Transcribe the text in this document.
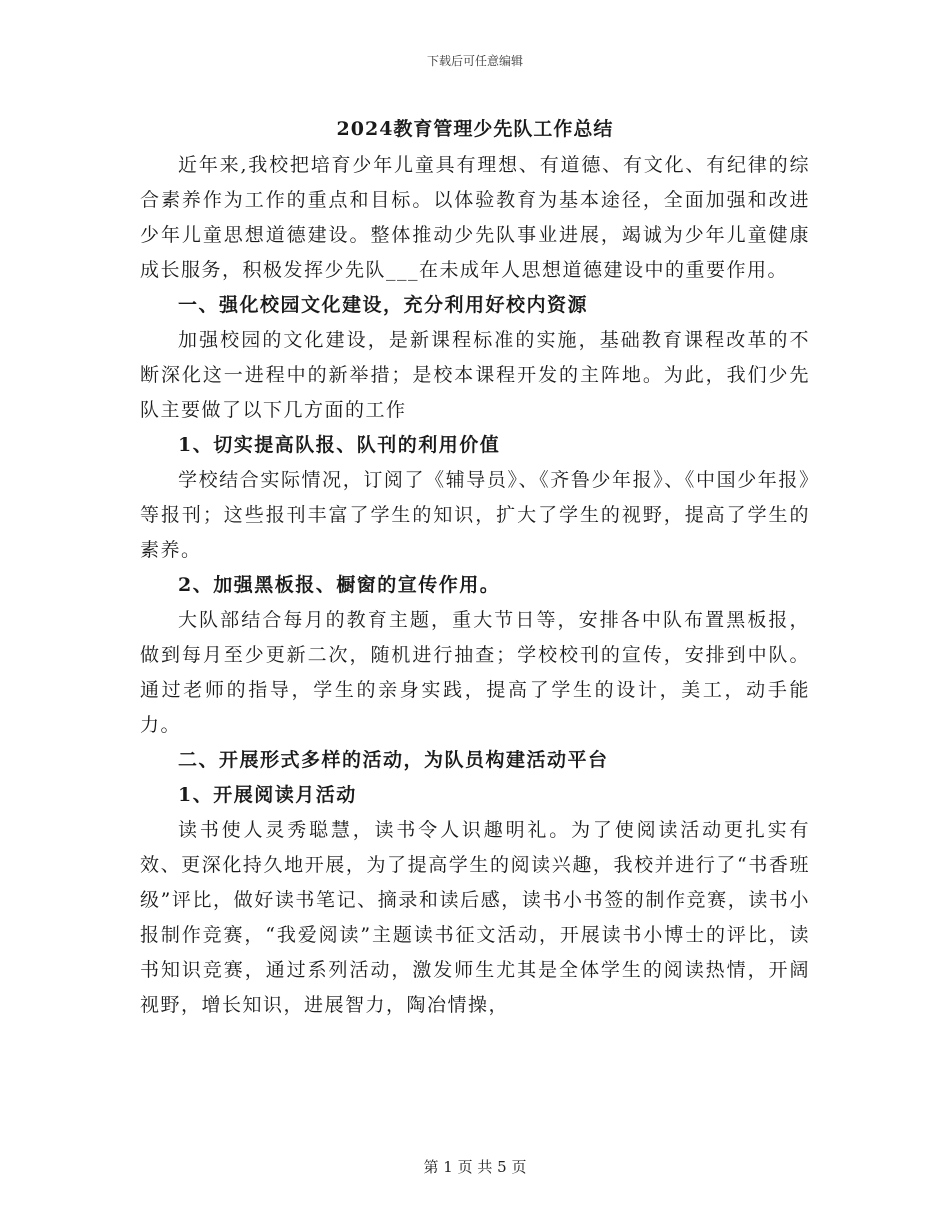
下载后可任意编辑
2024教育管理少先队工作总结

近年来,我校把培育少年儿童具有理想、有道德、有文化、有纪律的综合素养作为工作的重点和目标。以体验教育为基本途径，全面加强和改进少年儿童思想道德建设。整体推动少先队事业进展，竭诚为少年儿童健康成长服务，积极发挥少先队___在未成年人思想道德建设中的重要作用。

一、强化校园文化建设，充分利用好校内资源

加强校园的文化建设，是新课程标准的实施，基础教育课程改革的不断深化这一进程中的新举措；是校本课程开发的主阵地。为此，我们少先队主要做了以下几方面的工作

1、切实提高队报、队刊的利用价值

学校结合实际情况，订阅了《辅导员》、《齐鲁少年报》、《中国少年报》等报刊；这些报刊丰富了学生的知识，扩大了学生的视野，提高了学生的素养。

2、加强黑板报、橱窗的宣传作用。

大队部结合每月的教育主题，重大节日等，安排各中队布置黑板报，做到每月至少更新二次，随机进行抽查；学校校刊的宣传，安排到中队。通过老师的指导，学生的亲身实践，提高了学生的设计，美工，动手能力。

二、开展形式多样的活动，为队员构建活动平台

1、开展阅读月活动

读书使人灵秀聪慧，读书令人识趣明礼。为了使阅读活动更扎实有效、更深化持久地开展，为了提高学生的阅读兴趣，我校并进行了“书香班级”评比，做好读书笔记、摘录和读后感，读书小书签的制作竞赛，读书小报制作竞赛，“我爱阅读”主题读书征文活动，开展读书小博士的评比，读书知识竞赛，通过系列活动，激发师生尤其是全体学生的阅读热情，开阔视野，增长知识，进展智力，陶冶情操，

第 1 页 共 5 页
